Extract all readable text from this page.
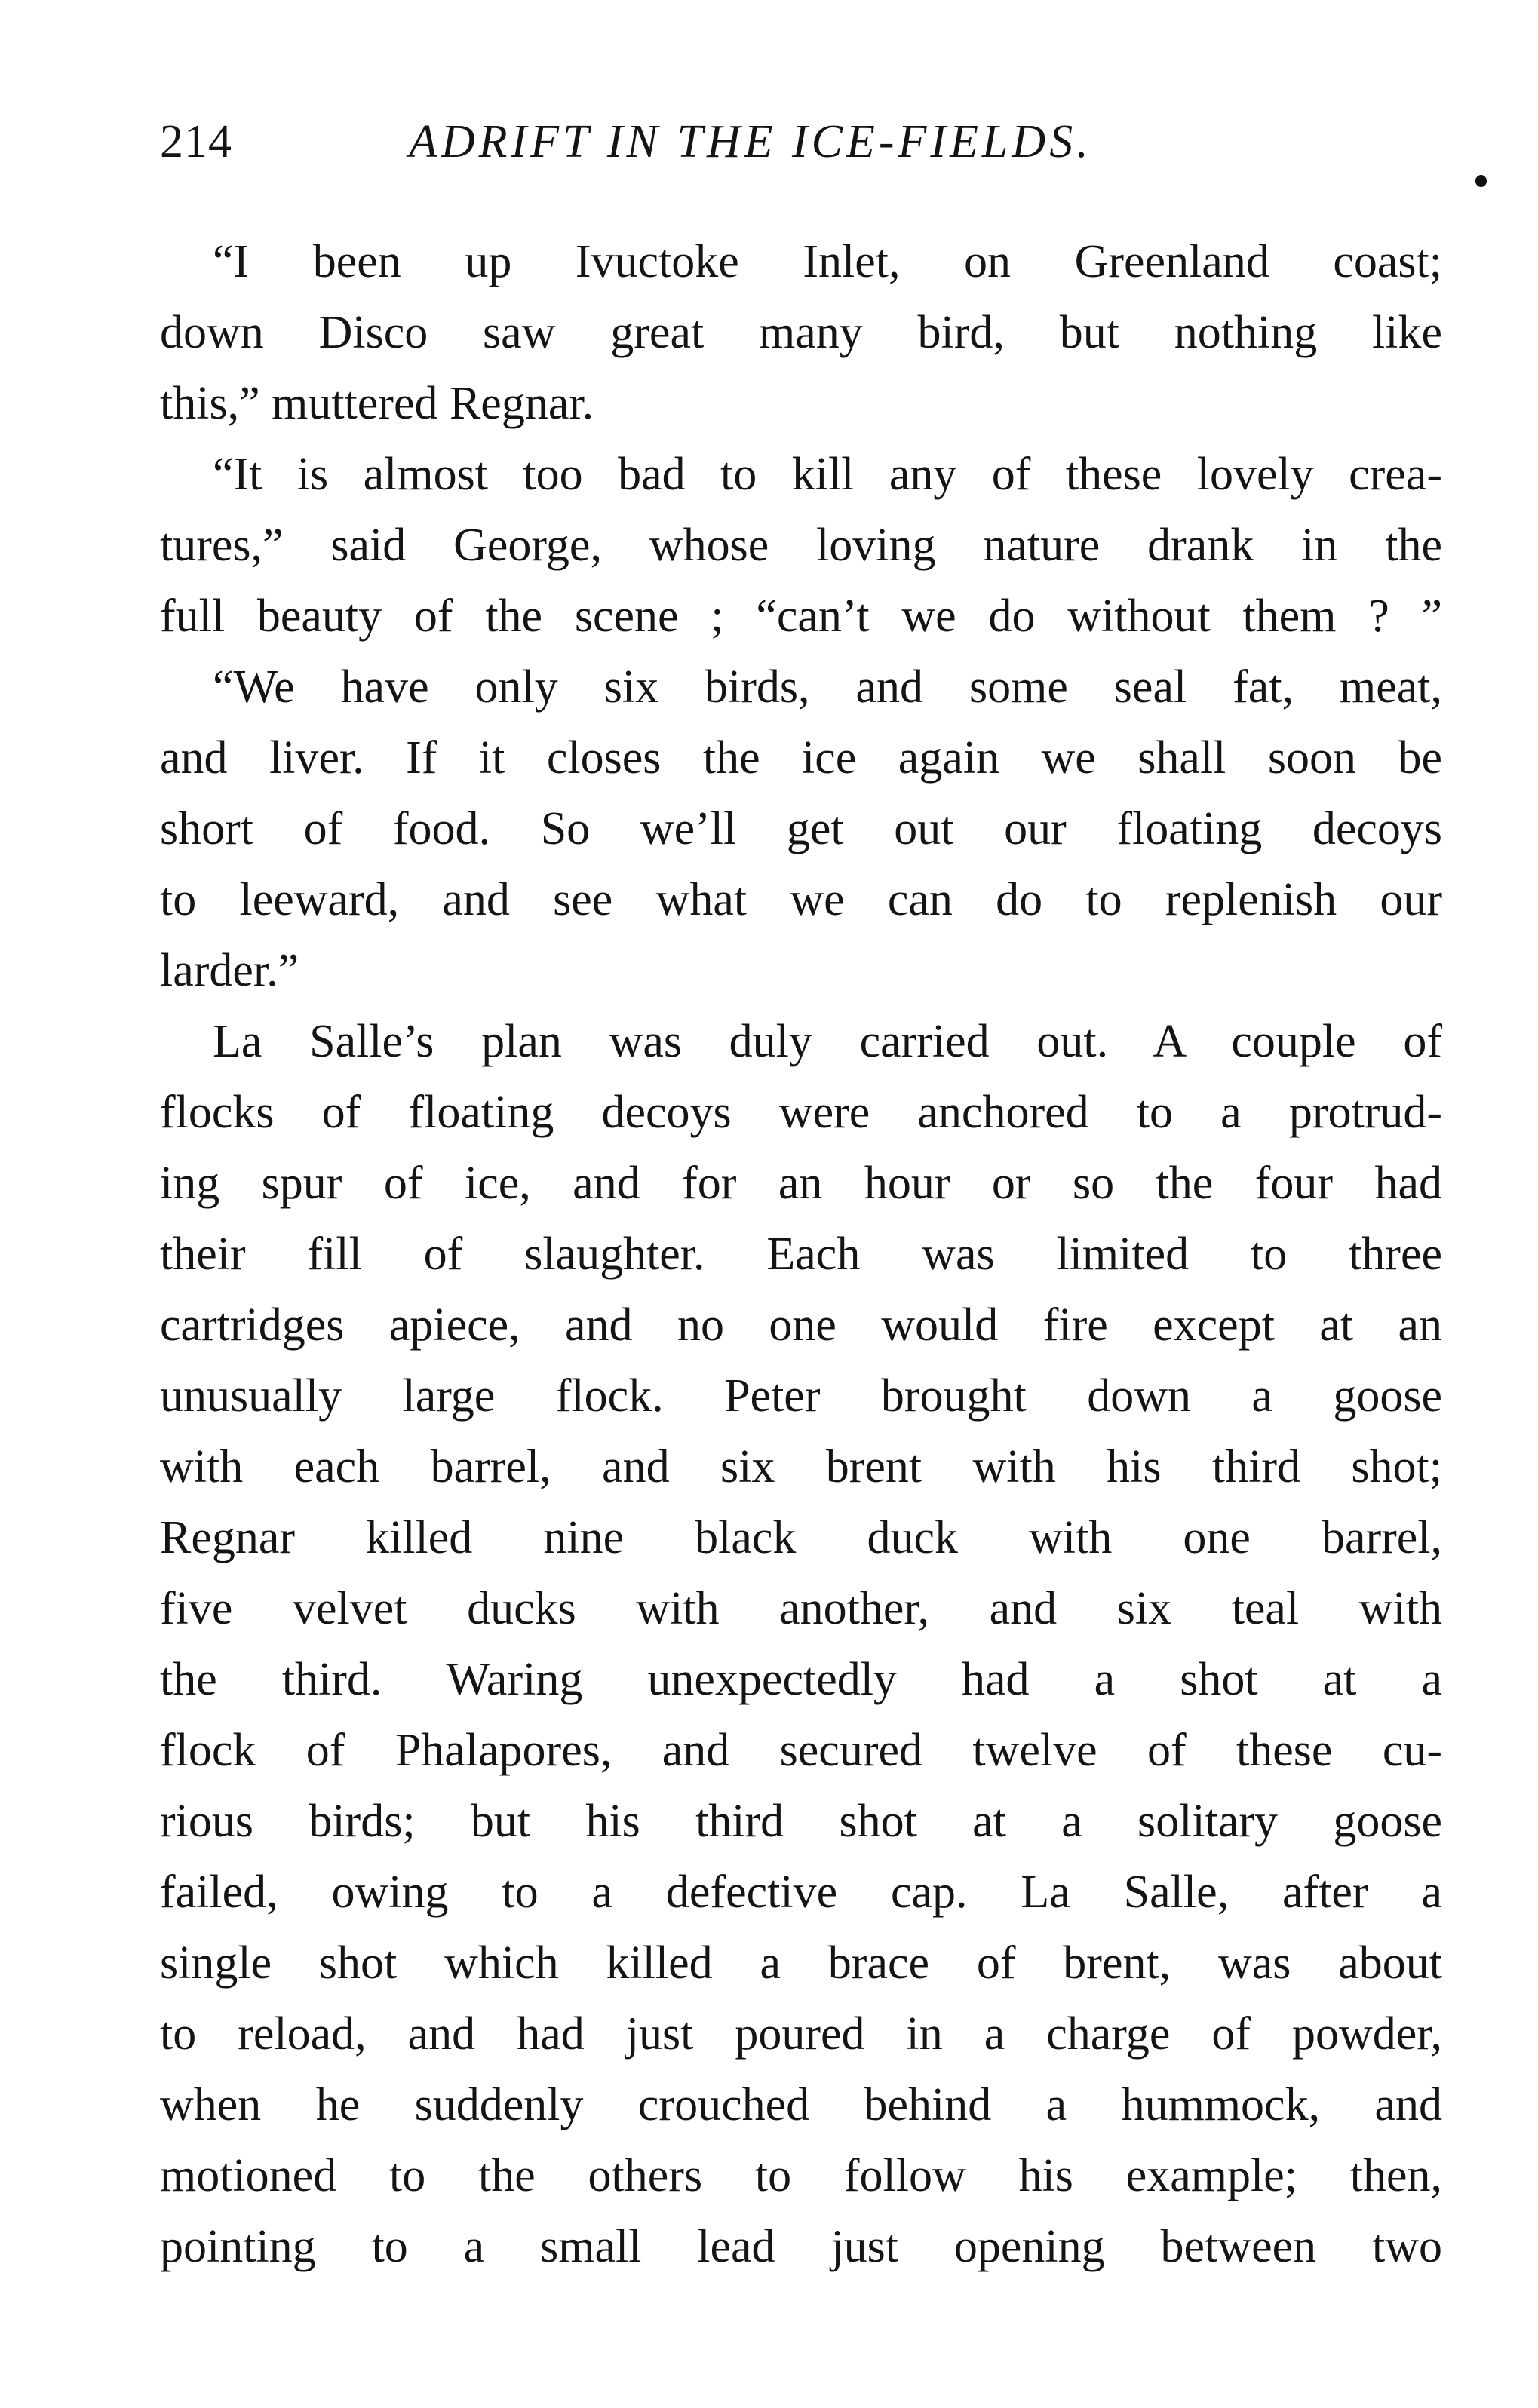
214	ADRIFT IN THE ICE-FIELDS.
“I been up Ivuctoke Inlet, on Greenland coast;
down Disco saw great many bird, but nothing like
this,” muttered Regnar.
“It is almost too bad to kill any of these lovely crea-
tures,” said George, whose loving nature drank in the
full beauty of the scene ; “can’t we do without them ? ”
“We have only six birds, and some seal fat, meat,
and liver. If it closes the ice again we shall soon be
short of food. So we’ll get out our floating decoys
to leeward, and see what we can do to replenish our
larder.”
La Salle’s plan was duly carried out. A couple of
flocks of floating decoys were anchored to a protrud-
ing spur of ice, and for an hour or so the four had
their fill of slaughter. Each was limited to three
cartridges apiece, and no one would fire except at an
unusually large flock. Peter brought down a goose
with each barrel, and six brent with his third shot;
Regnar killed nine black duck with one barrel,
five velvet ducks with another, and six teal with
the third. Waring unexpectedly had a shot at a
flock of Phalapores, and secured twelve of these cu-
rious birds; but his third shot at a solitary goose
failed, owing to a defective cap. La Salle, after a
single shot which killed a brace of brent, was about
to reload, and had just poured in a charge of powder,
when he suddenly crouched behind a hummock, and
motioned to the others to follow his example; then,
pointing to a small lead just opening between two
